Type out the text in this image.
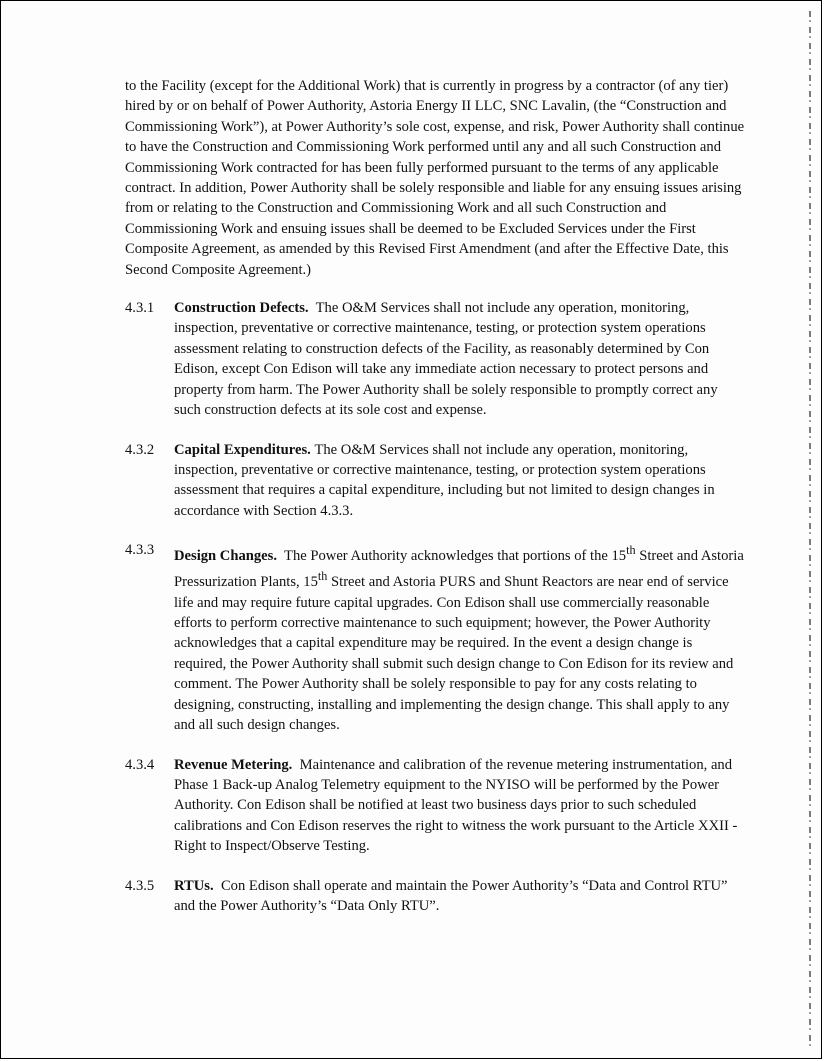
to the Facility (except for the Additional Work) that is currently in progress by a contractor (of any tier) hired by or on behalf of Power Authority, Astoria Energy II LLC, SNC Lavalin, (the “Construction and Commissioning Work”), at Power Authority’s sole cost, expense, and risk, Power Authority shall continue to have the Construction and Commissioning Work performed until any and all such Construction and Commissioning Work contracted for has been fully performed pursuant to the terms of any applicable contract. In addition, Power Authority shall be solely responsible and liable for any ensuing issues arising from or relating to the Construction and Commissioning Work and all such Construction and Commissioning Work and ensuing issues shall be deemed to be Excluded Services under the First Composite Agreement, as amended by this Revised First Amendment (and after the Effective Date, this Second Composite Agreement.)

4.3.1	Construction Defects. The O&M Services shall not include any operation, monitoring, inspection, preventative or corrective maintenance, testing, or protection system operations assessment relating to construction defects of the Facility, as reasonably determined by Con Edison, except Con Edison will take any immediate action necessary to protect persons and property from harm. The Power Authority shall be solely responsible to promptly correct any such construction defects at its sole cost and expense.
4.3.2	Capital Expenditures. The O&M Services shall not include any operation, monitoring, inspection, preventative or corrective maintenance, testing, or protection system operations assessment that requires a capital expenditure, including but not limited to design changes in accordance with Section 4.3.3.
4.3.3	Design Changes. The Power Authority acknowledges that portions of the 15th Street and Astoria Pressurization Plants, 15th Street and Astoria PURS and Shunt Reactors are near end of service life and may require future capital upgrades. Con Edison shall use commercially reasonable efforts to perform corrective maintenance to such equipment; however, the Power Authority acknowledges that a capital expenditure may be required. In the event a design change is required, the Power Authority shall submit such design change to Con Edison for its review and comment. The Power Authority shall be solely responsible to pay for any costs relating to designing, constructing, installing and implementing the design change. This shall apply to any and all such design changes.
4.3.4	Revenue Metering. Maintenance and calibration of the revenue metering instrumentation, and Phase 1 Back-up Analog Telemetry equipment to the NYISO will be performed by the Power Authority. Con Edison shall be notified at least two business days prior to such scheduled calibrations and Con Edison reserves the right to witness the work pursuant to the Article XXII - Right to Inspect/Observe Testing.
4.3.5	RTUs. Con Edison shall operate and maintain the Power Authority’s “Data and Control RTU” and the Power Authority’s “Data Only RTU”.
